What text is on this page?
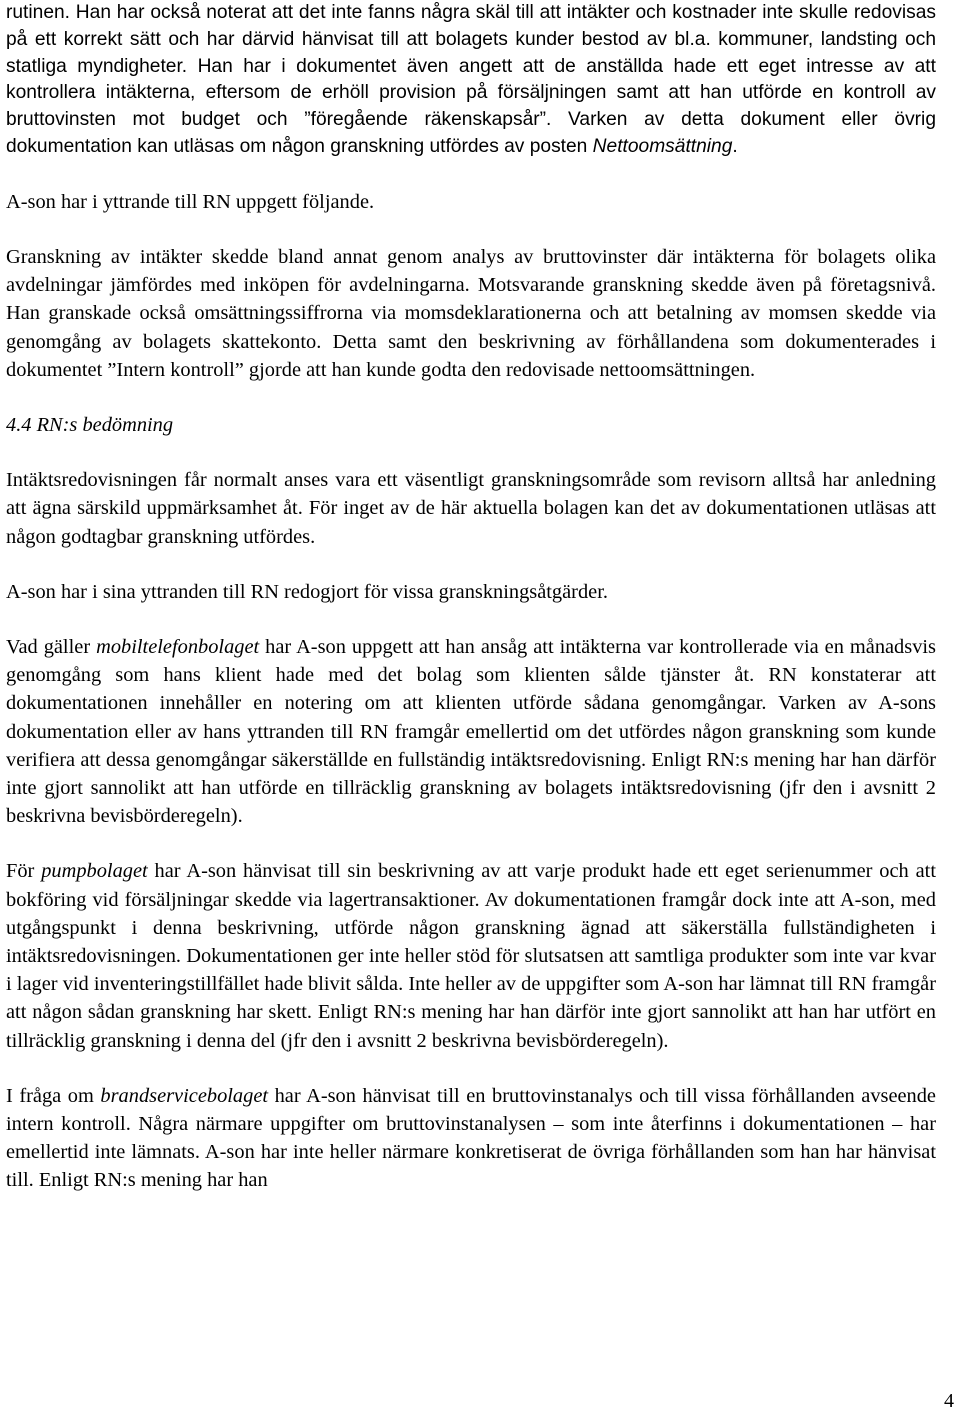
rutinen. Han har också noterat att det inte fanns några skäl till att intäkter och kostnader inte skulle redovisas på ett korrekt sätt och har därvid hänvisat till att bolagets kunder bestod av bl.a. kommuner, landsting och statliga myndigheter. Han har i dokumentet även angett att de anställda hade ett eget intresse av att kontrollera intäkterna, eftersom de erhöll provision på försäljningen samt att han utförde en kontroll av bruttovinsten mot budget och ”föregående räkenskapsår”. Varken av detta dokument eller övrig dokumentation kan utläsas om någon granskning utfördes av posten Nettoomsättning.

A-son har i yttrande till RN uppgett följande.

Granskning av intäkter skedde bland annat genom analys av bruttovinster där intäkterna för bolagets olika avdelningar jämfördes med inköpen för avdelningarna. Motsvarande granskning skedde även på företagsnivå. Han granskade också omsättningssiffrorna via momsdeklarationerna och att betalning av momsen skedde via genomgång av bolagets skattekonto. Detta samt den beskrivning av förhållandena som dokumenterades i dokumentet ”Intern kontroll” gjorde att han kunde godta den redovisade nettoomsättningen.

4.4 RN:s bedömning

Intäktsredovisningen får normalt anses vara ett väsentligt granskningsområde som revisorn alltså har anledning att ägna särskild uppmärksamhet åt. För inget av de här aktuella bolagen kan det av dokumentationen utläsas att någon godtagbar granskning utfördes.

A-son har i sina yttranden till RN redogjort för vissa granskningsåtgärder.

Vad gäller mobiltelefonbolaget har A-son uppgett att han ansåg att intäkterna var kontrollerade via en månadsvis genomgång som hans klient hade med det bolag som klienten sålde tjänster åt. RN konstaterar att dokumentationen innehåller en notering om att klienten utförde sådana genomgångar. Varken av A-sons dokumentation eller av hans yttranden till RN framgår emellertid om det utfördes någon granskning som kunde verifiera att dessa genomgångar säkerställde en fullständig intäktsredovisning. Enligt RN:s mening har han därför inte gjort sannolikt att han utförde en tillräcklig granskning av bolagets intäktsredovisning (jfr den i avsnitt 2 beskrivna bevisbörderegeln).

För pumpbolaget har A-son hänvisat till sin beskrivning av att varje produkt hade ett eget serienummer och att bokföring vid försäljningar skedde via lagertransaktioner. Av dokumentationen framgår dock inte att A-son, med utgångspunkt i denna beskrivning, utförde någon granskning ägnad att säkerställa fullständigheten i intäktsredovisningen. Dokumentationen ger inte heller stöd för slutsatsen att samtliga produkter som inte var kvar i lager vid inventeringstillfället hade blivit sålda. Inte heller av de uppgifter som A-son har lämnat till RN framgår att någon sådan granskning har skett. Enligt RN:s mening har han därför inte gjort sannolikt att han har utfört en tillräcklig granskning i denna del (jfr den i avsnitt 2 beskrivna bevisbörderegeln).

I fråga om brandservicebolaget har A-son hänvisat till en bruttovinstanalys och till vissa förhållanden avseende intern kontroll. Några närmare uppgifter om bruttovinstanalysen – som inte återfinns i dokumentationen – har emellertid inte lämnats. A-son har inte heller närmare konkretiserat de övriga förhållanden som han har hänvisat till. Enligt RN:s mening har han

4
